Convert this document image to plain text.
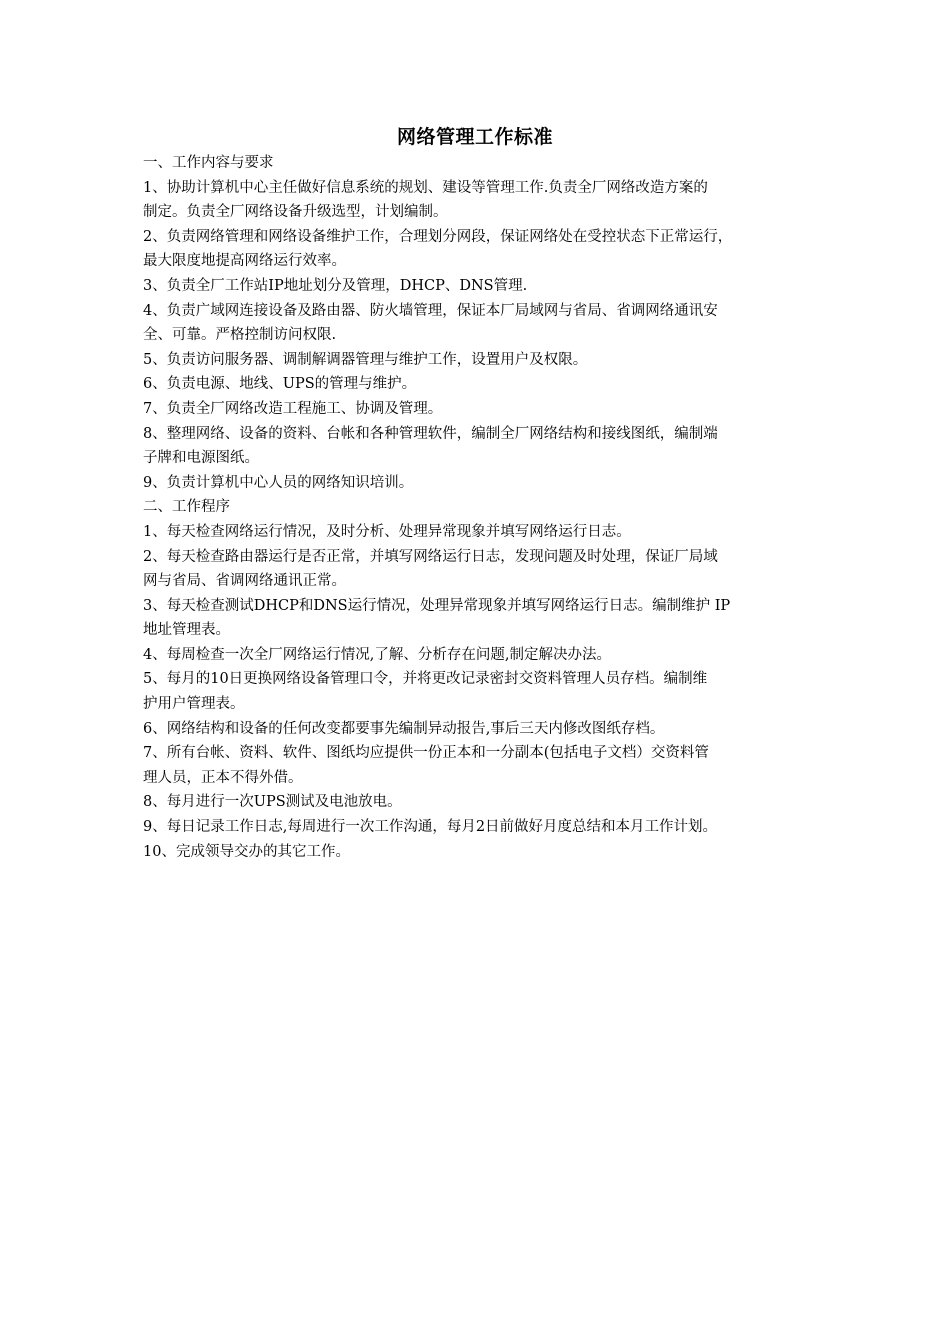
网络管理工作标准
一、工作内容与要求
1、协助计算机中心主任做好信息系统的规划、建设等管理工作.负责全厂网络改造方案的
制定。负责全厂网络设备升级选型，计划编制。
2、负责网络管理和网络设备维护工作，合理划分网段，保证网络处在受控状态下正常运行，
最大限度地提高网络运行效率。
3、负责全厂工作站IP地址划分及管理，DHCP、DNS管理.
4、负责广域网连接设备及路由器、防火墙管理，保证本厂局域网与省局、省调网络通讯安
全、可靠。严格控制访问权限.
5、负责访问服务器、调制解调器管理与维护工作，设置用户及权限。
6、负责电源、地线、UPS的管理与维护。
7、负责全厂网络改造工程施工、协调及管理。
8、整理网络、设备的资料、台帐和各种管理软件，编制全厂网络结构和接线图纸，编制端
子牌和电源图纸。
9、负责计算机中心人员的网络知识培训。
二、工作程序
1、每天检查网络运行情况，及时分析、处理异常现象并填写网络运行日志。
2、每天检查路由器运行是否正常，并填写网络运行日志，发现问题及时处理，保证厂局域
网与省局、省调网络通讯正常。
3、每天检查测试DHCP和DNS运行情况，处理异常现象并填写网络运行日志。编制维护 IP
地址管理表。
4、每周检查一次全厂网络运行情况,了解、分析存在问题,制定解决办法。
5、每月的10日更换网络设备管理口令，并将更改记录密封交资料管理人员存档。编制维
护用户管理表。
6、网络结构和设备的任何改变都要事先编制异动报告,事后三天内修改图纸存档。
7、所有台帐、资料、软件、图纸均应提供一份正本和一分副本(包括电子文档）交资料管
理人员，正本不得外借。
8、每月进行一次UPS测试及电池放电。
9、每日记录工作日志,每周进行一次工作沟通，每月2日前做好月度总结和本月工作计划。
10、完成领导交办的其它工作。
